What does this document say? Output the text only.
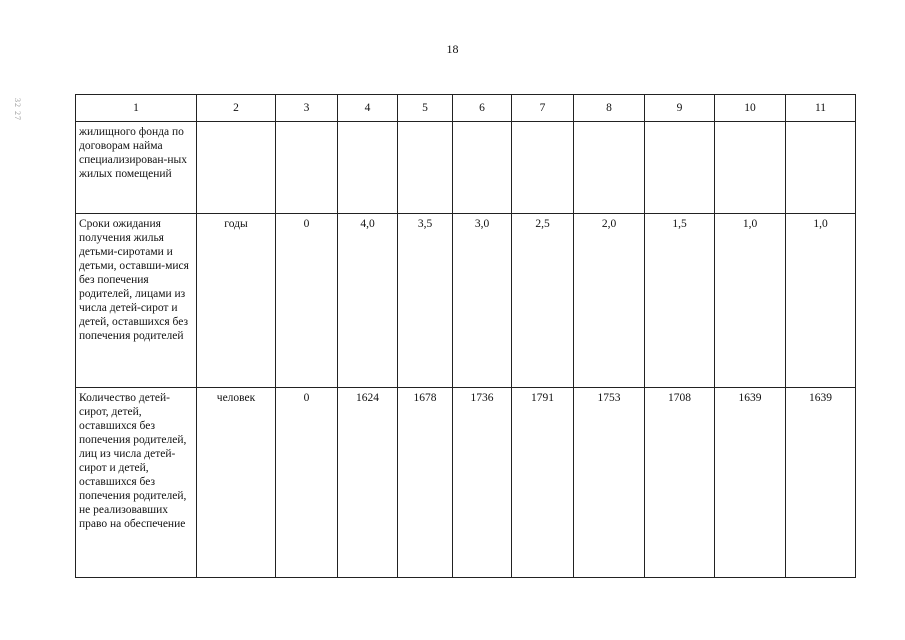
18
32 27	1	2	3	4	5	6	7	8	9	10	11
жилищного фонда по договорам найма специализирован-ных жилых помещений										
Сроки ожидания получения жилья детьми-сиротами и детьми, оставши-мися без попечения родителей, лицами из числа детей-сирот и детей, оставшихся без попечения родителей	годы	0	4,0	3,5	3,0	2,5	2,0	1,5	1,0	1,0
Количество детей-сирот, детей, оставшихся без попечения родителей, лиц из числа детей-сирот и детей, оставшихся без попечения родителей, не реализовавших право на обеспечение	человек	0	1624	1678	1736	1791	1753	1708	1639	1639
